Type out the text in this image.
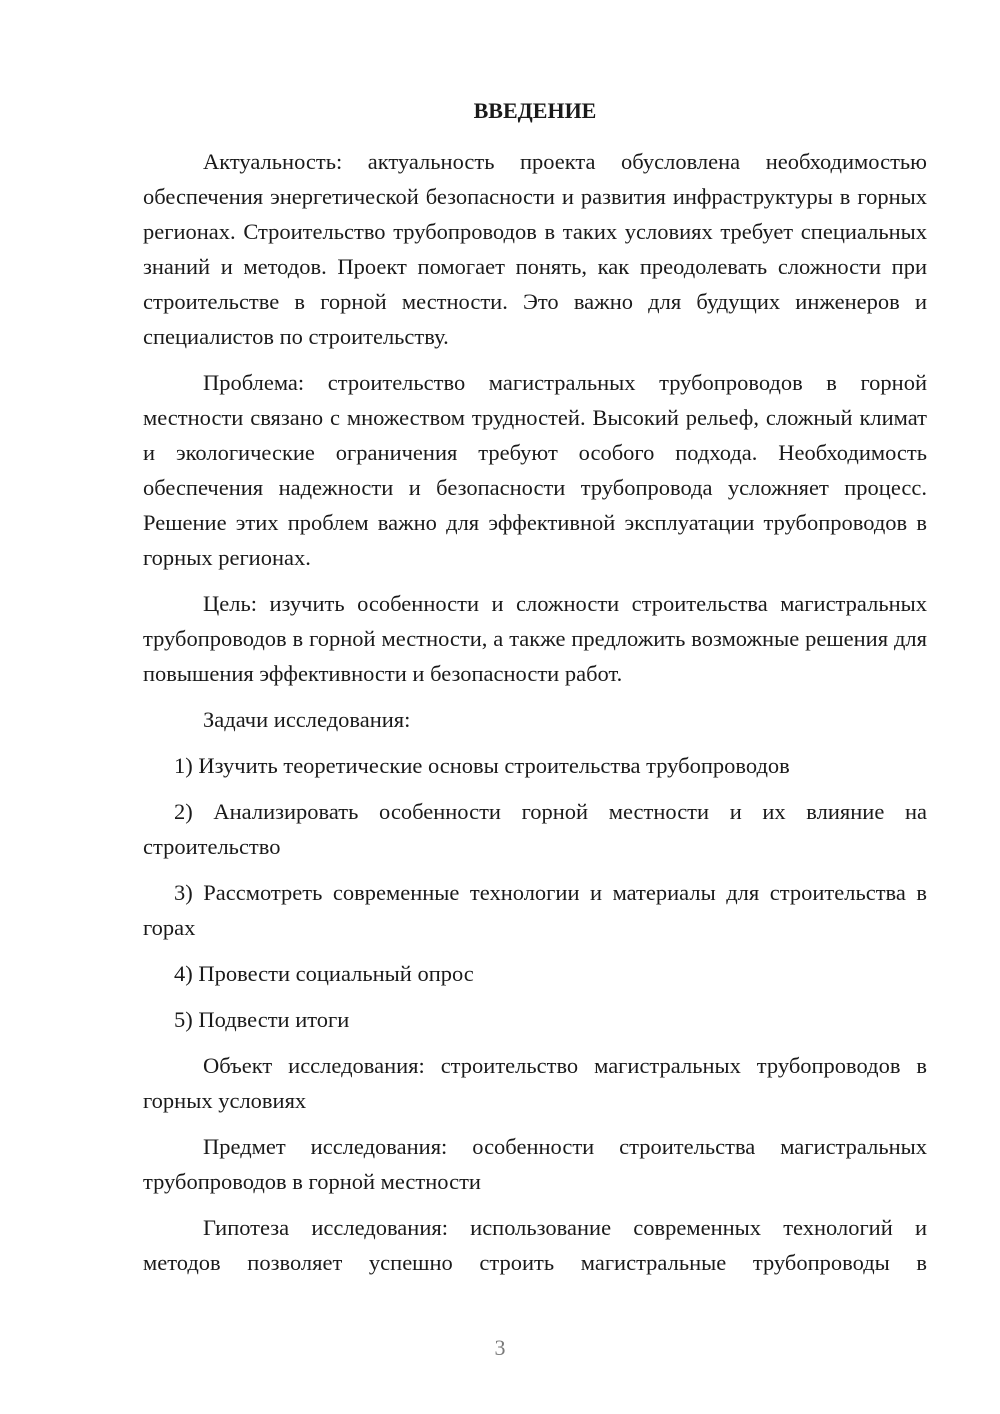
ВВЕДЕНИЕ

Актуальность: актуальность проекта обусловлена необходимостью обеспечения энергетической безопасности и развития инфраструктуры в горных регионах. Строительство трубопроводов в таких условиях требует специальных знаний и методов. Проект помогает понять, как преодолевать сложности при строительстве в горной местности. Это важно для будущих инженеров и специалистов по строительству.

Проблема: строительство магистральных трубопроводов в горной местности связано с множеством трудностей. Высокий рельеф, сложный климат и экологические ограничения требуют особого подхода. Необходимость обеспечения надежности и безопасности трубопровода усложняет процесс. Решение этих проблем важно для эффективной эксплуатации трубопроводов в горных регионах.

Цель: изучить особенности и сложности строительства магистральных трубопроводов в горной местности, а также предложить возможные решения для повышения эффективности и безопасности работ.

Задачи исследования:

1) Изучить теоретические основы строительства трубопроводов

2) Анализировать особенности горной местности и их влияние на строительство

3) Рассмотреть современные технологии и материалы для строительства в горах

4) Провести социальный опрос

5) Подвести итоги

Объект исследования: строительство магистральных трубопроводов в горных условиях

Предмет исследования: особенности строительства магистральных трубопроводов в горной местности

Гипотеза исследования: использование современных технологий и методов позволяет успешно строить магистральные трубопроводы в

3
